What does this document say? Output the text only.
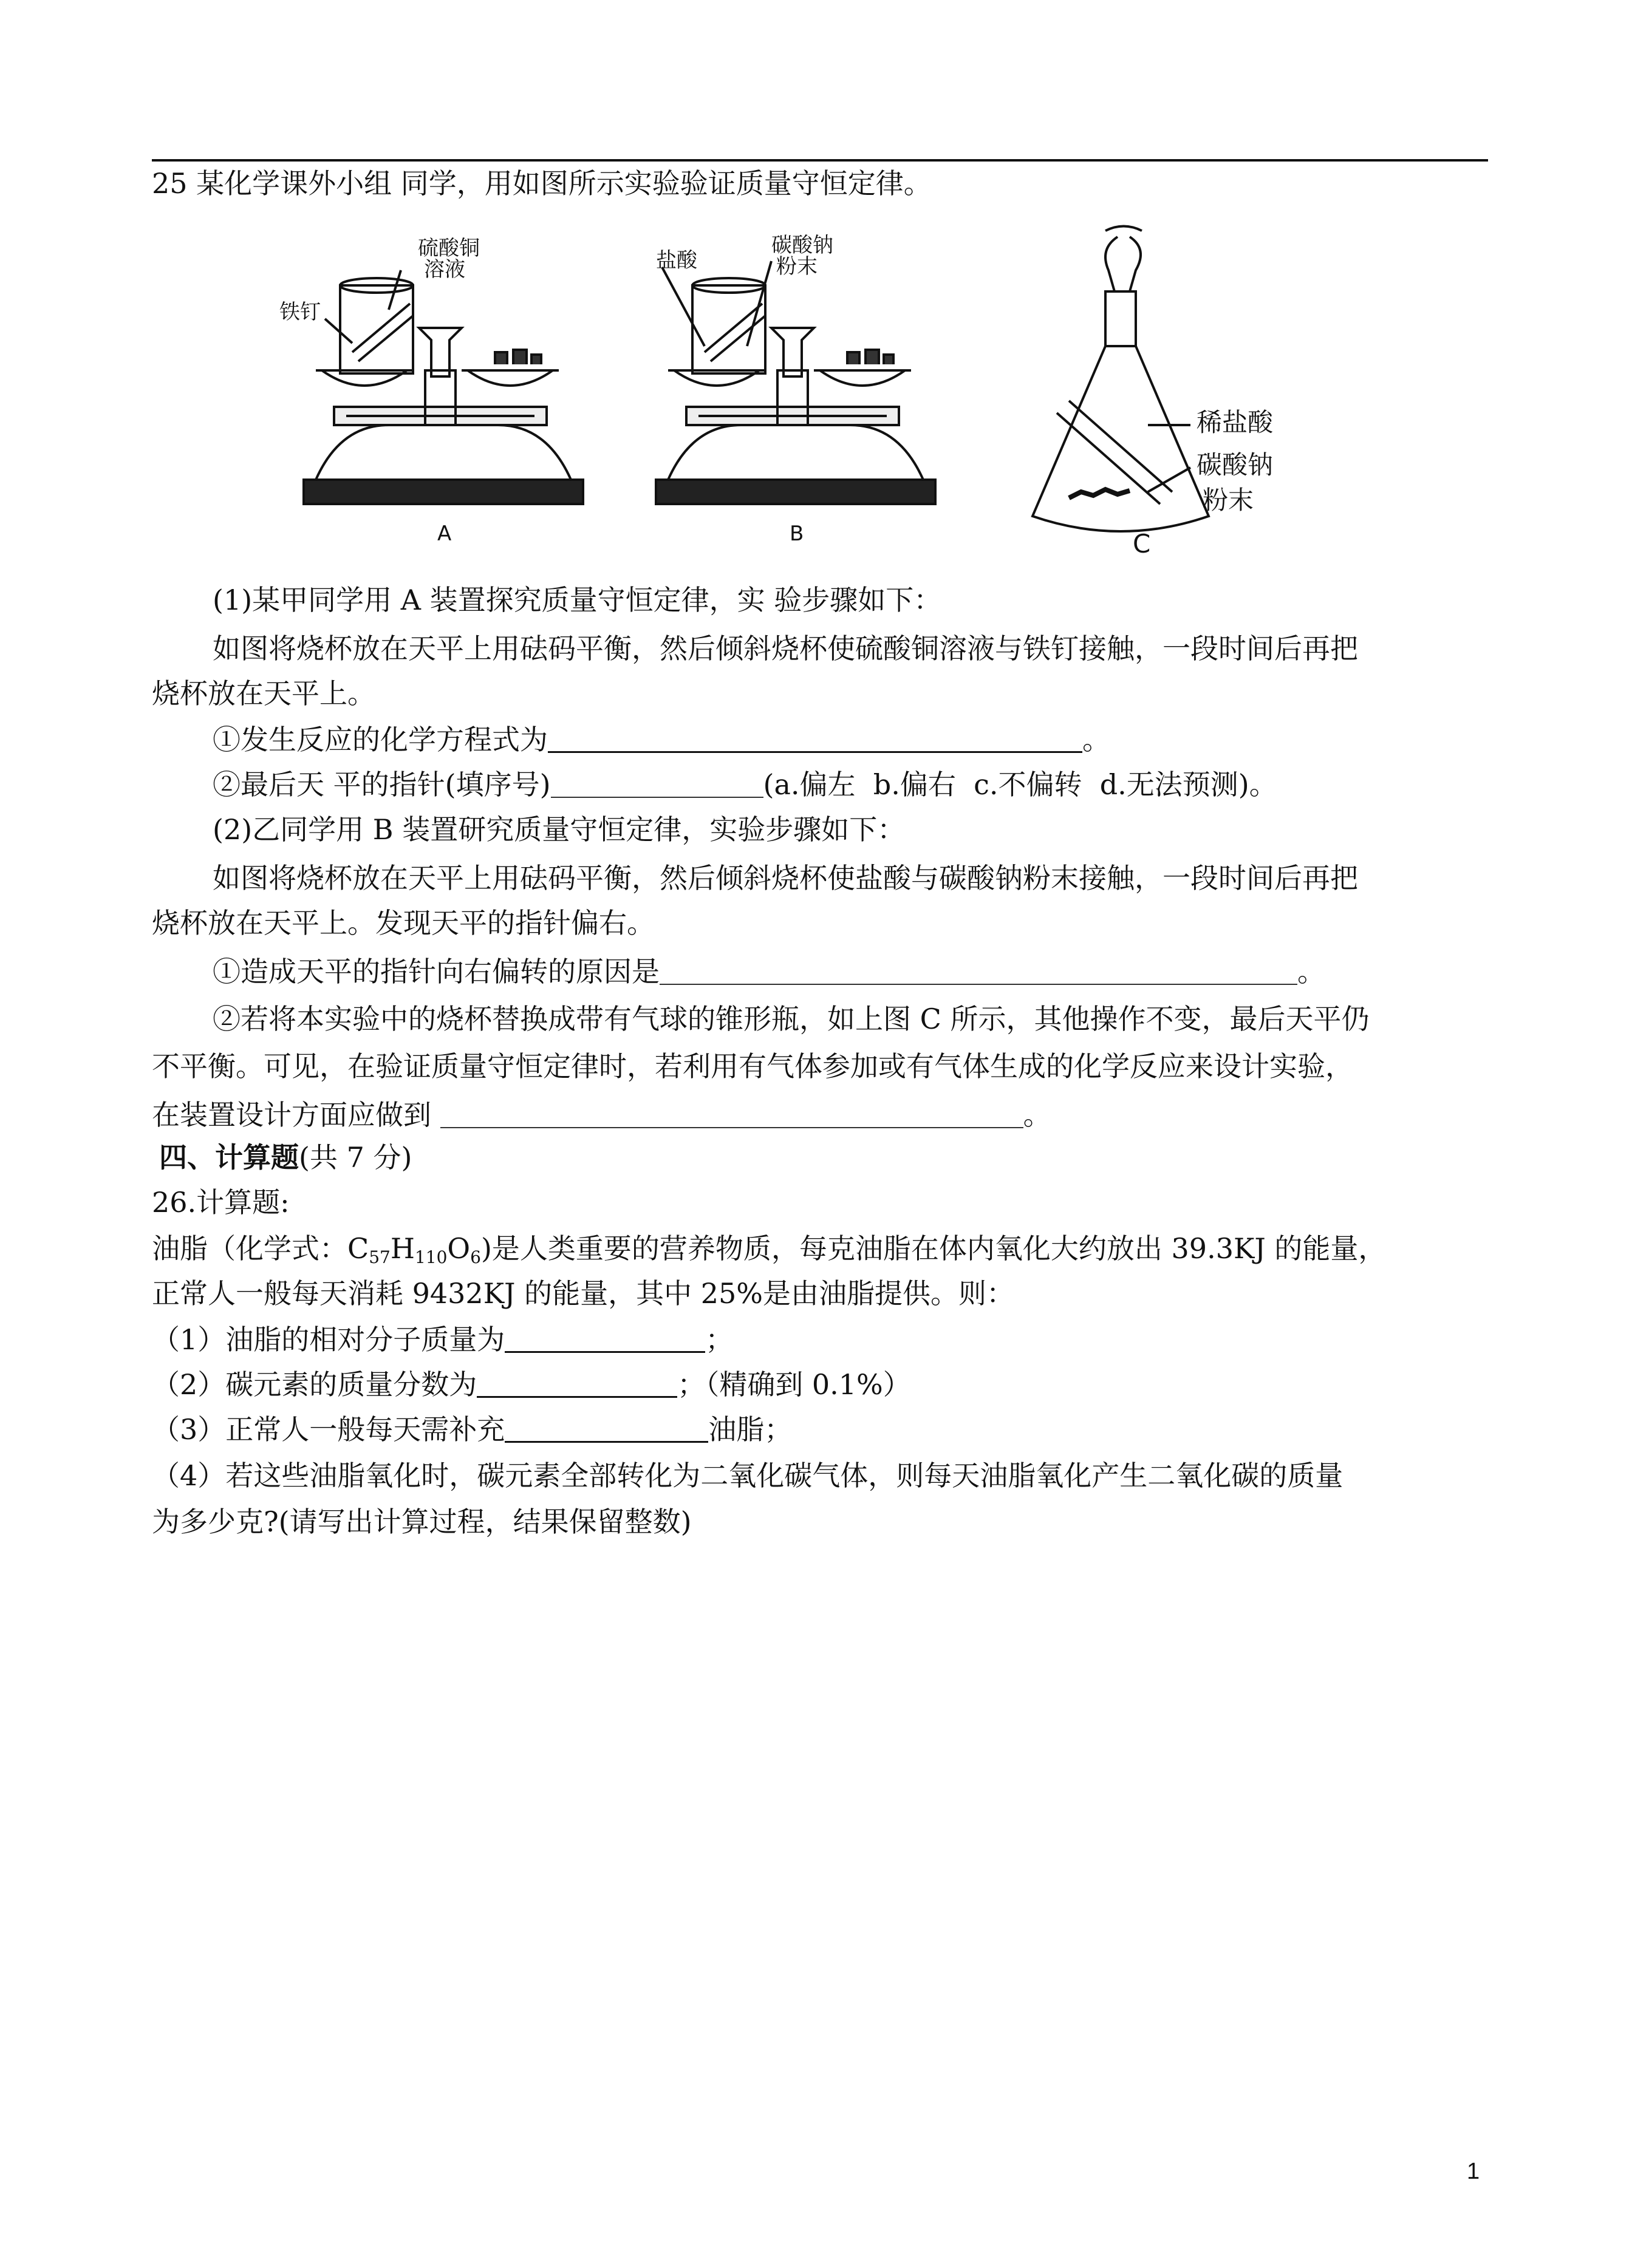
25 某化学课外小组 同学，用如图所示实验验证质量守恒定律。
硫酸铜
溶液
铁钉
A
盐酸
碳酸钠
粉末
B
稀盐酸
碳酸钠
粉末
C
(1)某甲同学用 A 装置探究质量守恒定律，实 验步骤如下：
如图将烧杯放在天平上用砝码平衡，然后倾斜烧杯使硫酸铜溶液与铁钉接触，一段时间后再把
烧杯放在天平上。
①发生反应的化学方程式为	。
②最后天 平的指针(填序号)	(a.偏左  b.偏右  c.不偏转  d.无法预测)。
(2)乙同学用 B 装置研究质量守恒定律，实验步骤如下：
如图将烧杯放在天平上用砝码平衡，然后倾斜烧杯使盐酸与碳酸钠粉末接触，一段时间后再把
烧杯放在天平上。发现天平的指针偏右。
①造成天平的指针向右偏转的原因是	。
②若将本实验中的烧杯替换成带有气球的锥形瓶，如上图 C 所示，其他操作不变，最后天平仍
不平衡。可见，在验证质量守恒定律时，若利用有气体参加或有气体生成的化学反应来设计实验，
在装置设计方面应做到	。
四、计算题(共 7 分)
26.计算题:
油脂（化学式：$C_{57}H_{110}O_6$)是人类重要的营养物质，每克油脂在体内氧化大约放出 39.3KJ 的能量，
正常人一般每天消耗 9432KJ 的能量，其中 25%是由油脂提供。则：
（1）油脂的相对分子质量为	；
（2）碳元素的质量分数为	；（精确到 0.1%）
（3）正常人一般每天需补充	油脂；
（4）若这些油脂氧化时，碳元素全部转化为二氧化碳气体，则每天油脂氧化产生二氧化碳的质量
为多少克?(请写出计算过程，结果保留整数)
1
